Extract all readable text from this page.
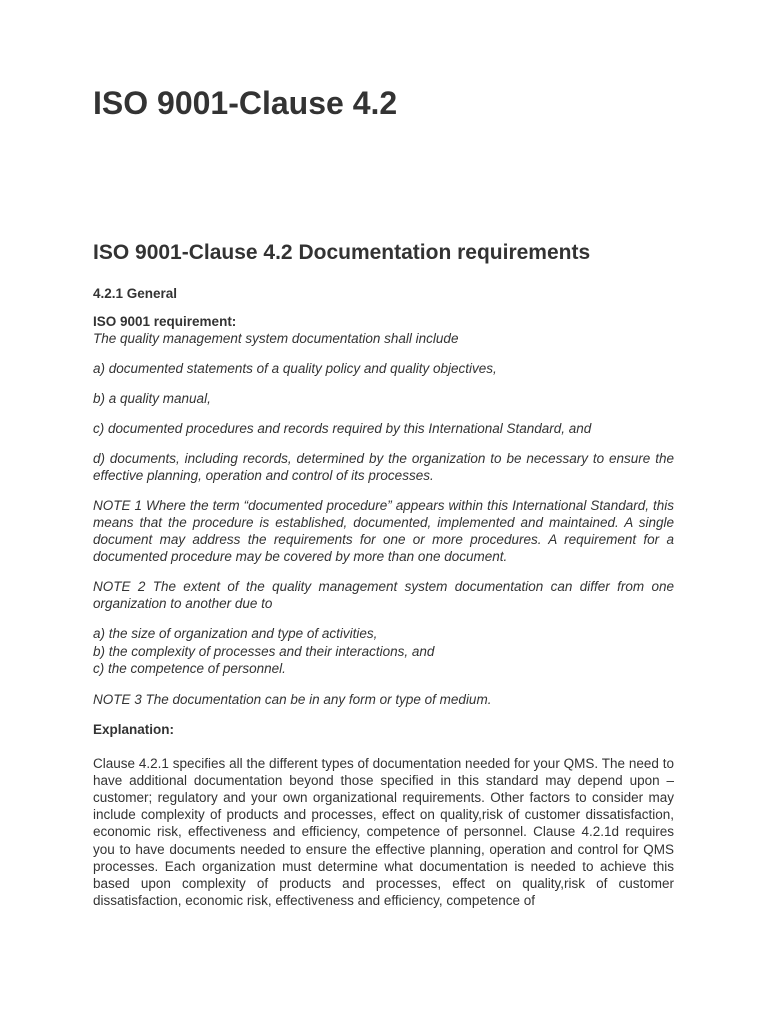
ISO 9001-Clause 4.2
ISO 9001-Clause 4.2 Documentation requirements
4.2.1 General
ISO 9001 requirement:

The quality management system documentation shall include

a) documented statements of a quality policy and quality objectives,

b) a quality manual,

c) documented procedures and records required by this International Standard, and

d) documents, including records, determined by the organization to be necessary to ensure the effective planning, operation and control of its processes.

NOTE 1 Where the term “documented procedure” appears within this International Standard, this means that the procedure is established, documented, implemented and maintained. A single document may address the requirements for one or more procedures. A requirement for a documented procedure may be covered by more than one document.

NOTE 2 The extent of the quality management system documentation can differ from one organization to another due to

a) the size of organization and type of activities,
b) the complexity of processes and their interactions, and
c) the competence of personnel.

NOTE 3 The documentation can be in any form or type of medium.

Explanation:

Clause 4.2.1 specifies all the different types of documentation needed for your QMS. The need to have additional documentation beyond those specified in this standard may depend upon – customer; regulatory and your own organizational requirements. Other factors to consider may include complexity of products and processes, effect on quality,risk of customer dissatisfaction, economic risk, effectiveness and efficiency, competence of personnel. Clause 4.2.1d requires you to have documents needed to ensure the effective planning, operation and control for QMS processes. Each organization must determine what documentation is needed to achieve this based upon complexity of products and processes, effect on quality,risk of customer dissatisfaction, economic risk, effectiveness and efficiency, competence of
